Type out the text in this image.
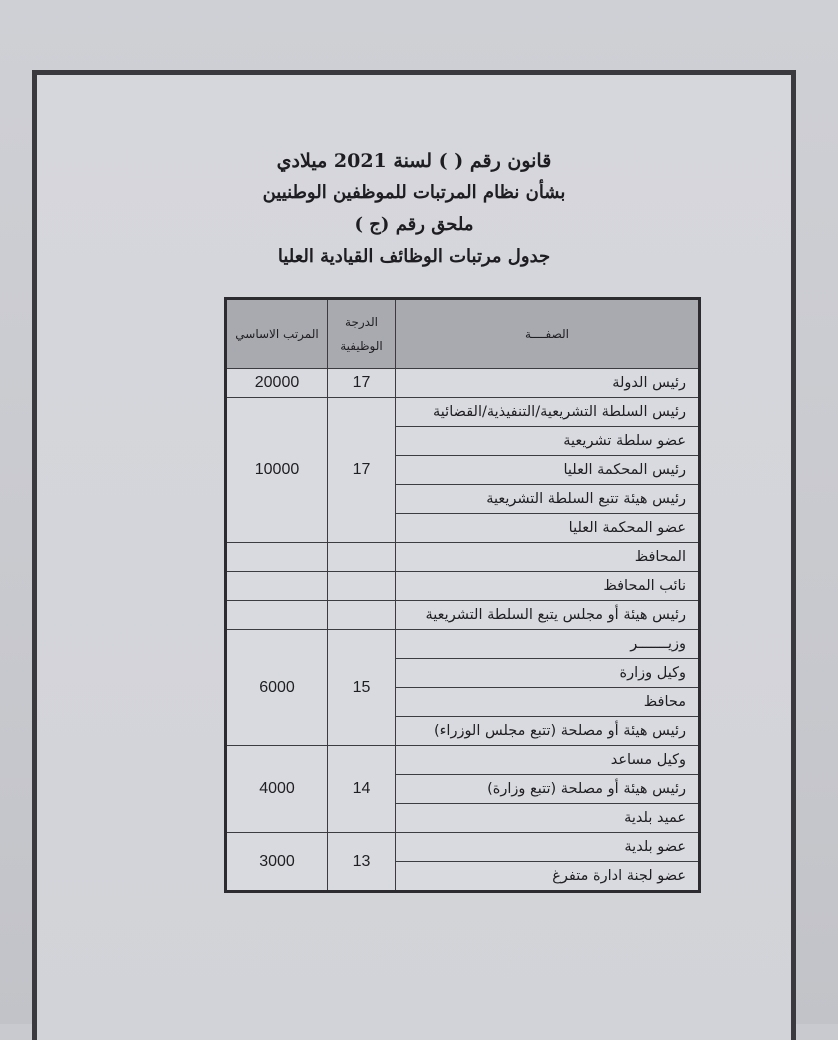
قانون رقم ( ) لسنة 2021 ميلادي

بشأن نظام المرتبات للموظفين الوطنيين

ملحق رقم (ج )

جدول مرتبات الوظائف القيادية العليا

الصفــــة	الدرجة الوظيفية	المرتب الاساسي
رئيس الدولة	17	20000
رئيس السلطة التشريعية/التنفيذية/القضائية	17	10000
عضو سلطة تشريعية		
رئيس المحكمة العليا		
رئيس هيئة تتبع السلطة التشريعية		
عضو المحكمة العليا		
المحافظ		
نائب المحافظ		
رئيس هيئة أو مجلس يتبع السلطة التشريعية		
وزيـــــــر	15	6000
وكيل وزارة		
محافظ		
رئيس هيئة أو مصلحة (تتبع مجلس الوزراء)		
وكيل مساعد	14	4000
رئيس هيئة أو مصلحة (تتبع وزارة)		
عميد بلدية		
عضو بلدية	13	3000
عضو لجنة ادارة متفرغ		
